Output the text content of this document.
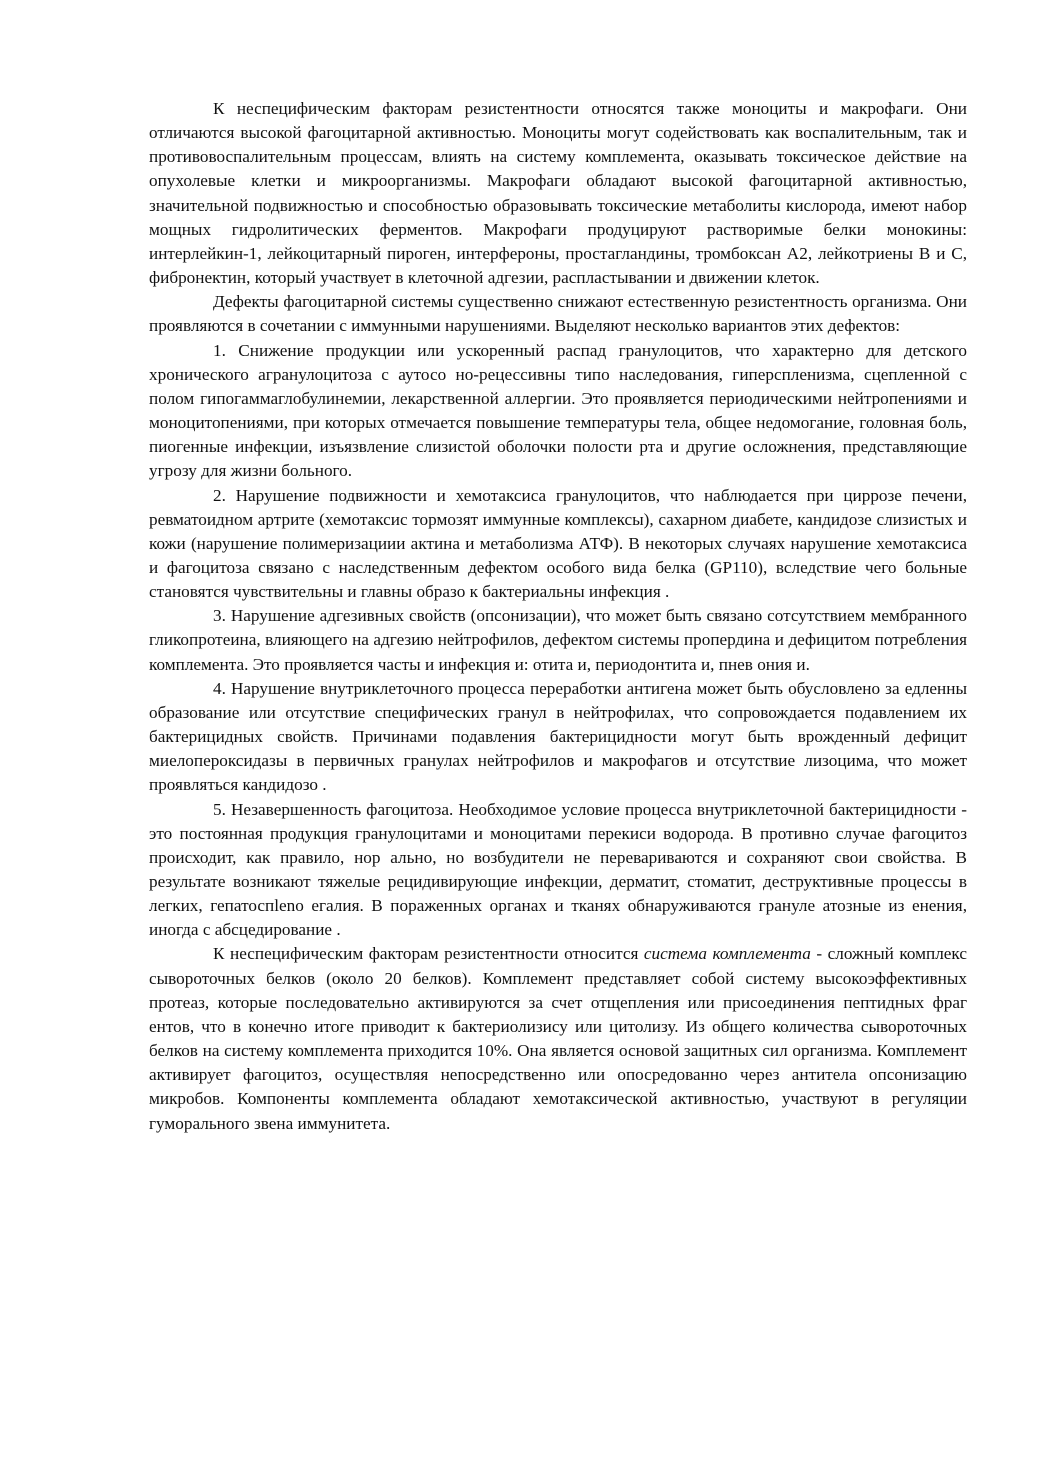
К неспецифическим факторам резистентности относятся также моноциты и макрофаги. Они отличаются высокой фагоцитарной активностью. Моноциты могут содействовать как воспалительным, так и противовоспалительным процессам, влиять на систему комплемента, оказывать токсическое действие на опухолевые клетки и микроорганизмы. Макрофаги обладают высокой фагоцитарной активностью, значительной подвижностью и способностью образовывать токсические метаболиты кислорода, имеют набор мощных гидролитических ферментов. Макрофаги продуцируют растворимые белки монокины: интерлейкин-1, лейкоцитарный пироген, интерфероны, простагландины, тромбоксан А2, лейкотриены В и С, фибронектин, который участвует в клеточной адгезии, распластывании и движении клеток.

Дефекты фагоцитарной системы существенно снижают естественную резистентность организма. Они проявляются в сочетании с иммунными нарушениями. Выделяют несколько вариантов этих дефектов:

1. Снижение продукции или ускоренный распад гранулоцитов, что характерно для детского хронического агранулоцитоза с аутосо но-рецессивны типо наследования, гиперспленизма, сцепленной с полом гипогаммаглобулинемии, лекарственной аллергии. Это проявляется периодическими нейтропениями и моноцитопениями, при которых отмечается повышение температуры тела, общее недомогание, головная боль, пиогенные инфекции, изъязвление слизистой оболочки полости рта и другие осложнения, представляющие угрозу для жизни больного.

2. Нарушение подвижности и хемотаксиса гранулоцитов, что наблюдается при циррозе печени, ревматоидном артрите (хемотаксис тормозят иммунные комплексы), сахарном диабете, кандидозе слизистых и кожи (нарушение полимеризациии актина и метаболизма АТФ). В некоторых случаях нарушение хемотаксиса и фагоцитоза связано с наследственным дефектом особого вида белка (GP110), вследствие чего больные становятся чувствительны и главны образо к бактериальны инфекция .

3. Нарушение адгезивных свойств (опсонизации), что может быть связано сотсутствием мембранного гликопротеина, влияющего на адгезию нейтрофилов, дефектом системы пропердина и дефицитом потребления комплемента. Это проявляется часты и инфекция и: отита и, периодонтита и, пнев ония и.

4. Нарушение внутриклеточного процесса переработки антигена может быть обусловлено за едленны образование или отсутствие специфических гранул в нейтрофилах, что сопровождается подавлением их бактерицидных свойств. Причинами подавления бактерицидности могут быть врожденный дефицит миелопероксидазы в первичных гранулах нейтрофилов и макрофагов и отсутствие лизоцима, что может проявляться кандидозо .

5. Незавершенность фагоцитоза. Необходимое условие процесса внутриклеточной бактерицидности - это постоянная продукция гранулоцитами и моноцитами перекиси водорода. В противно случае фагоцитоз происходит, как правило, нор ально, но возбудители не перевариваются и сохраняют свои свойства. В результате возникают тяжелые рецидивирующие инфекции, дерматит, стоматит, деструктивные процессы в легких, гепатоспleno егалия. В пораженных органах и тканях обнаруживаются грануле атозные из енения, иногда с абсцедирование .

К неспецифическим факторам резистентности относится система комплемента - сложный комплекс сывороточных белков (около 20 белков). Комплемент представляет собой систему высокоэффективных протеаз, которые последовательно активируются за счет отщепления или присоединения пептидных фраг ентов, что в конечно итоге приводит к бактериолизису или цитолизу. Из общего количества сывороточных белков на систему комплемента приходится 10%. Она является основой защитных сил организма. Комплемент активирует фагоцитоз, осуществляя непосредственно или опосредованно через антитела опсонизацию микробов. Компоненты комплемента обладают хемотаксической активностью, участвуют в регуляции гуморального звена иммунитета.
